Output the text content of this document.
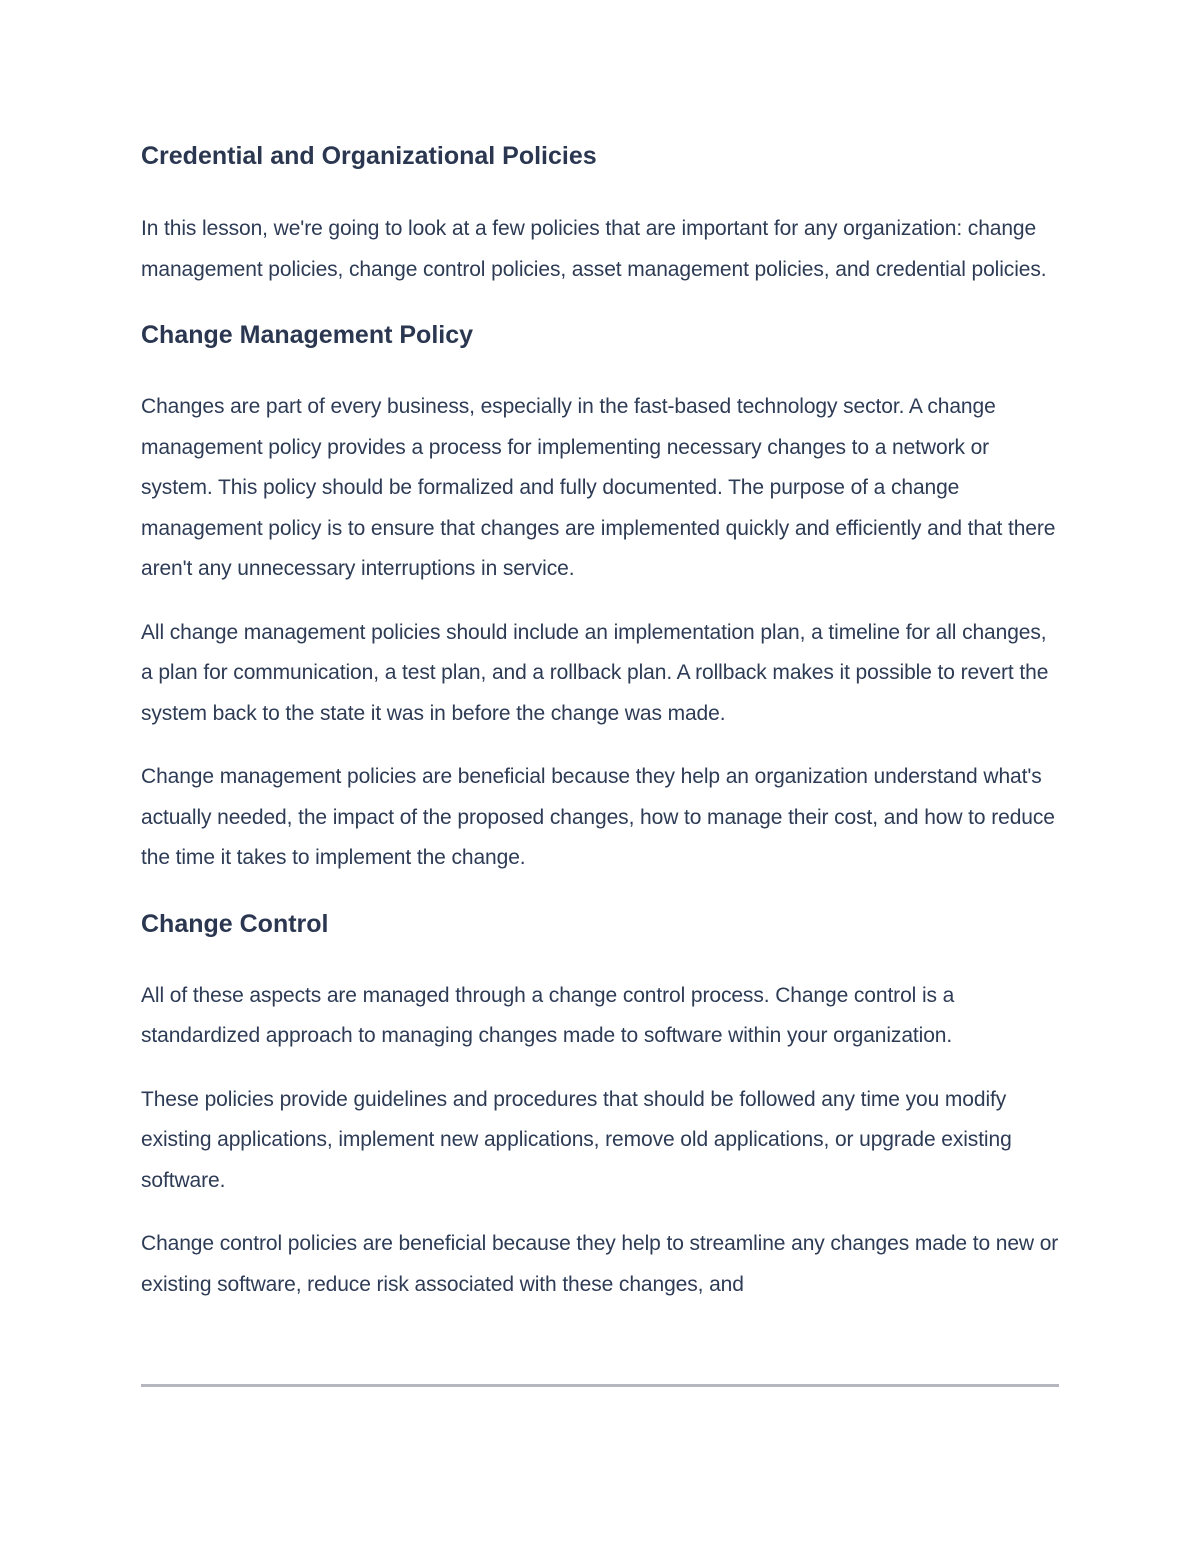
Credential and Organizational Policies

In this lesson, we're going to look at a few policies that are important for any organization: change management policies, change control policies, asset management policies, and credential policies.

Change Management Policy

Changes are part of every business, especially in the fast-based technology sector. A change management policy provides a process for implementing necessary changes to a network or system. This policy should be formalized and fully documented. The purpose of a change management policy is to ensure that changes are implemented quickly and efficiently and that there aren't any unnecessary interruptions in service.

All change management policies should include an implementation plan, a timeline for all changes, a plan for communication, a test plan, and a rollback plan. A rollback makes it possible to revert the system back to the state it was in before the change was made.

Change management policies are beneficial because they help an organization understand what's actually needed, the impact of the proposed changes, how to manage their cost, and how to reduce the time it takes to implement the change.

Change Control

All of these aspects are managed through a change control process. Change control is a standardized approach to managing changes made to software within your organization.

These policies provide guidelines and procedures that should be followed any time you modify existing applications, implement new applications, remove old applications, or upgrade existing software.

Change control policies are beneficial because they help to streamline any changes made to new or existing software, reduce risk associated with these changes, and
